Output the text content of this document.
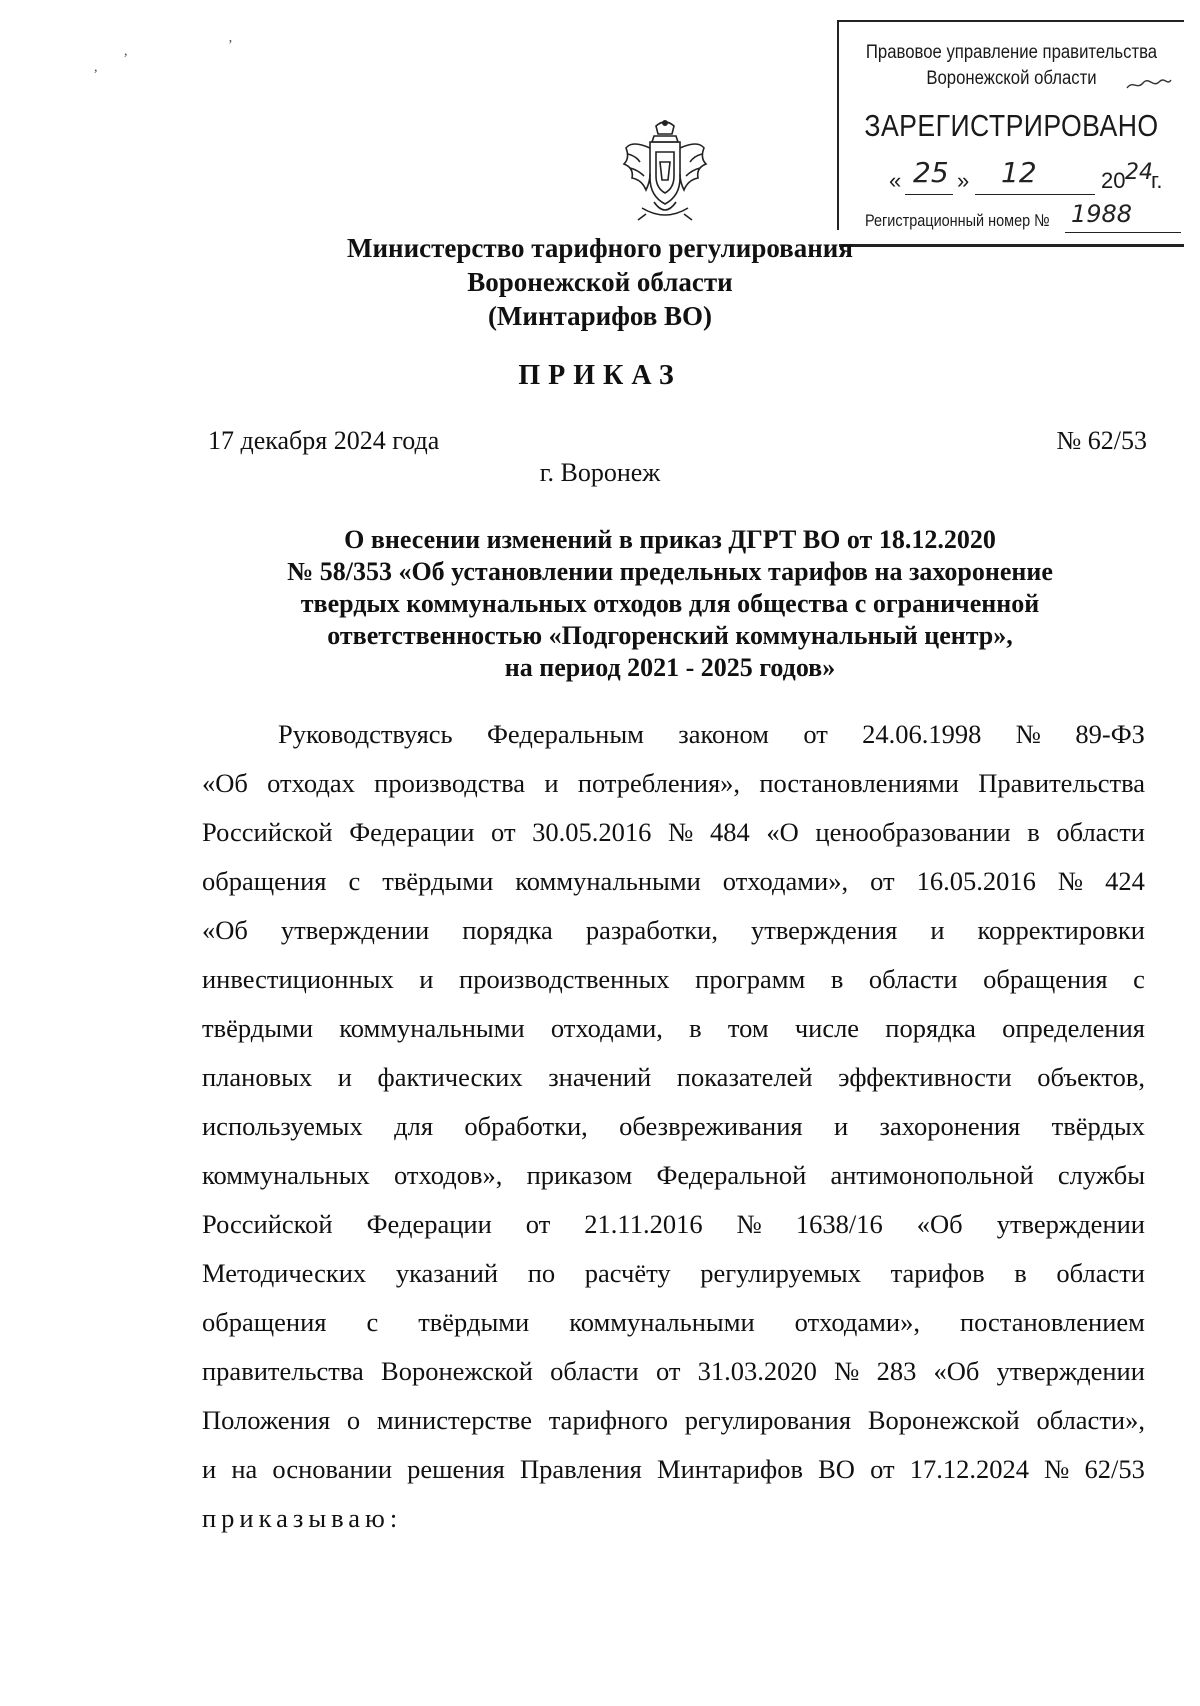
,	ʼ
,
Правовое управление правительства
Воронежской области
ЗАРЕГИСТРИРОВАНО
« 25 » 12	20 24
г.
Регистрационный номер № 1988
Министерство тарифного регулирования
Воронежской области
(Минтарифов ВО)
ПРИКАЗ
17 декабря 2024 года	№ 62/53
г. Воронеж
О внесении изменений в приказ ДГРТ ВО от 18.12.2020
№ 58/353 «Об установлении предельных тарифов на захоронение
твердых коммунальных отходов для общества с ограниченной
ответственностью «Подгоренский коммунальный центр»,
на период 2021 - 2025 годов»
Руководствуясь Федеральным законом от 24.06.1998 № 89-ФЗ
«Об отходах производства и потребления», постановлениями Правительства
Российской Федерации от 30.05.2016 № 484 «О ценообразовании в области
обращения с твёрдыми коммунальными отходами», от 16.05.2016 № 424
«Об утверждении порядка разработки, утверждения и корректировки
инвестиционных и производственных программ в области обращения с
твёрдыми коммунальными отходами, в том числе порядка определения
плановых и фактических значений показателей эффективности объектов,
используемых для обработки, обезвреживания и захоронения твёрдых
коммунальных отходов», приказом Федеральной антимонопольной службы
Российской Федерации от 21.11.2016 № 1638/16 «Об утверждении
Методических указаний по расчёту регулируемых тарифов в области
обращения с твёрдыми коммунальными отходами», постановлением
правительства Воронежской области от 31.03.2020 № 283 «Об утверждении
Положения о министерстве тарифного регулирования Воронежской области»,
и на основании решения Правления Минтарифов ВО от 17.12.2024 № 62/53
приказываю:
